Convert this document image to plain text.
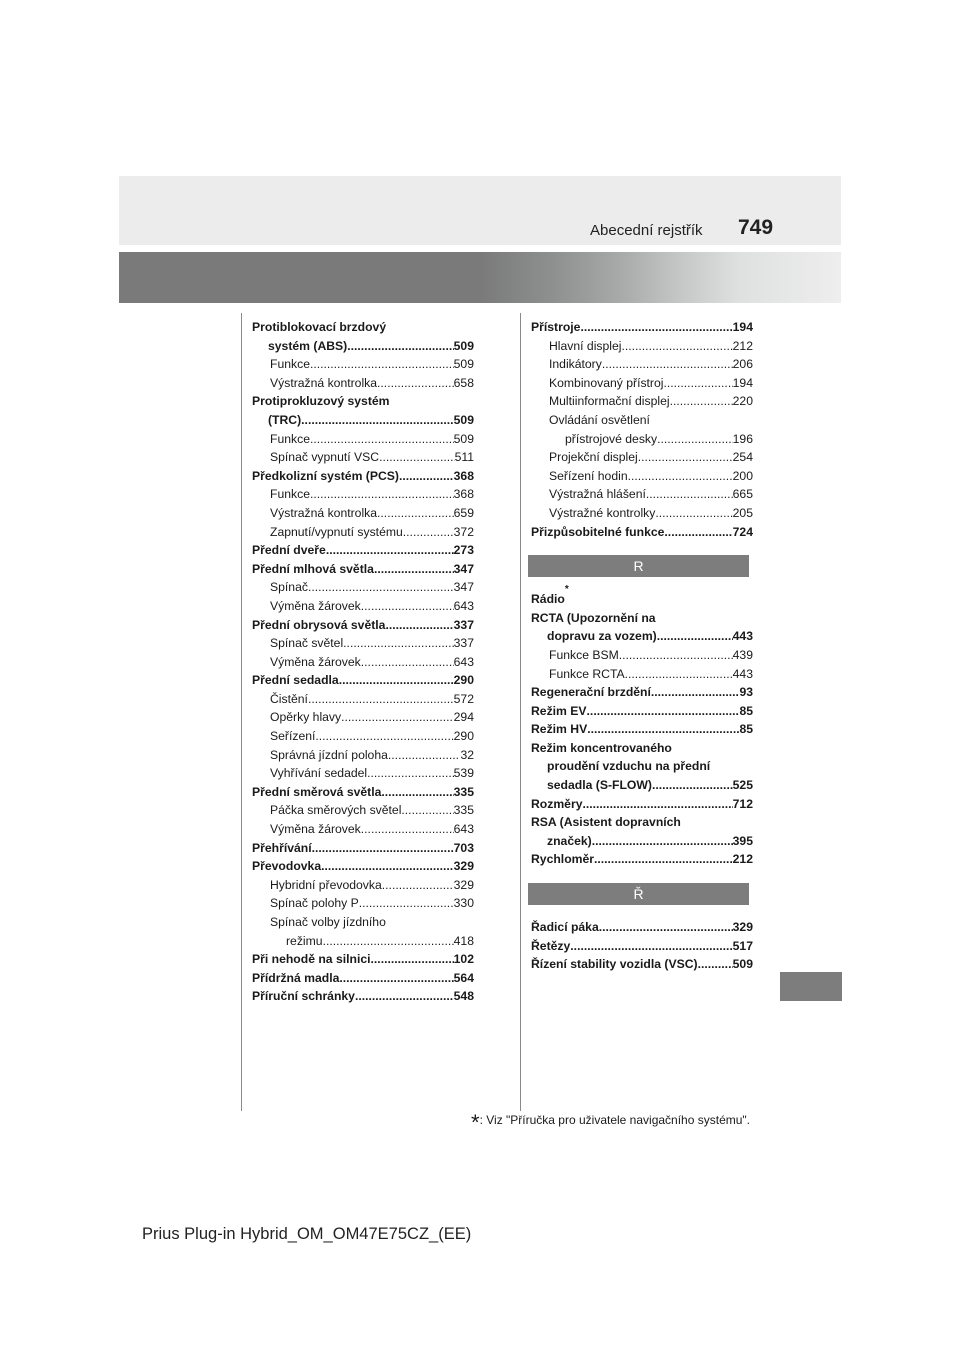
Abecední rejstřík 749
Protiblokovací brzdový
systém (ABS) .....	509
Funkce .....	509
Výstražná kontrolka .....	658
Protiprokluzový systém
(TRC) .....	509
Funkce .....	509
Spínač vypnutí VSC .....	511
Předkolizní systém (PCS) .....	368
Funkce .....	368
Výstražná kontrolka .....	659
Zapnutí/vypnutí systému .....	372
Přední dveře .....	273
Přední mlhová světla .....	347
Spínač .....	347
Výměna žárovek .....	643
Přední obrysová světla .....	337
Spínač světel .....	337
Výměna žárovek .....	643
Přední sedadla .....	290
Čistění .....	572
Opěrky hlavy .....	294
Seřízení .....	290
Správná jízdní poloha .....	32
Vyhřívání sedadel .....	539
Přední směrová světla .....	335
Páčka směrových světel .....	335
Výměna žárovek .....	643
Přehřívání .....	703
Převodovka .....	329
Hybridní převodovka .....	329
Spínač polohy P .....	330
Spínač volby jízdního
režimu .....	418
Při nehodě na silnici .....	102
Přídržná madla .....	564
Příruční schránky .....	548
Přístroje .....	194
Hlavní displej .....	212
Indikátory .....	206
Kombinovaný přístroj .....	194
Multiinformační displej .....	220
Ovládání osvětlení
přístrojové desky .....	196
Projekční displej .....	254
Seřízení hodin .....	200
Výstražná hlášení .....	665
Výstražné kontrolky .....	205
Přizpůsobitelné funkce .....	724
R
Rádio
*
RCTA (Upozornění na
dopravu za vozem) .....	443
Funkce BSM .....	439
Funkce RCTA .....	443
Regenerační brzdění .....	93
Režim EV .....	85
Režim HV .....	85
Režim koncentrovaného
proudění vzduchu na přední
sedadla (S-FLOW) .....	525
Rozměry .....	712
RSA (Asistent dopravních
značek) .....	395
Rychloměr .....	212
Ř
Řadicí páka .....	329
Řetězy .....	517
Řízení stability vozidla (VSC) .....	509
*: Viz "Příručka pro uživatele navigačního systému".
Prius Plug-in Hybrid_OM_OM47E75CZ_(EE)
